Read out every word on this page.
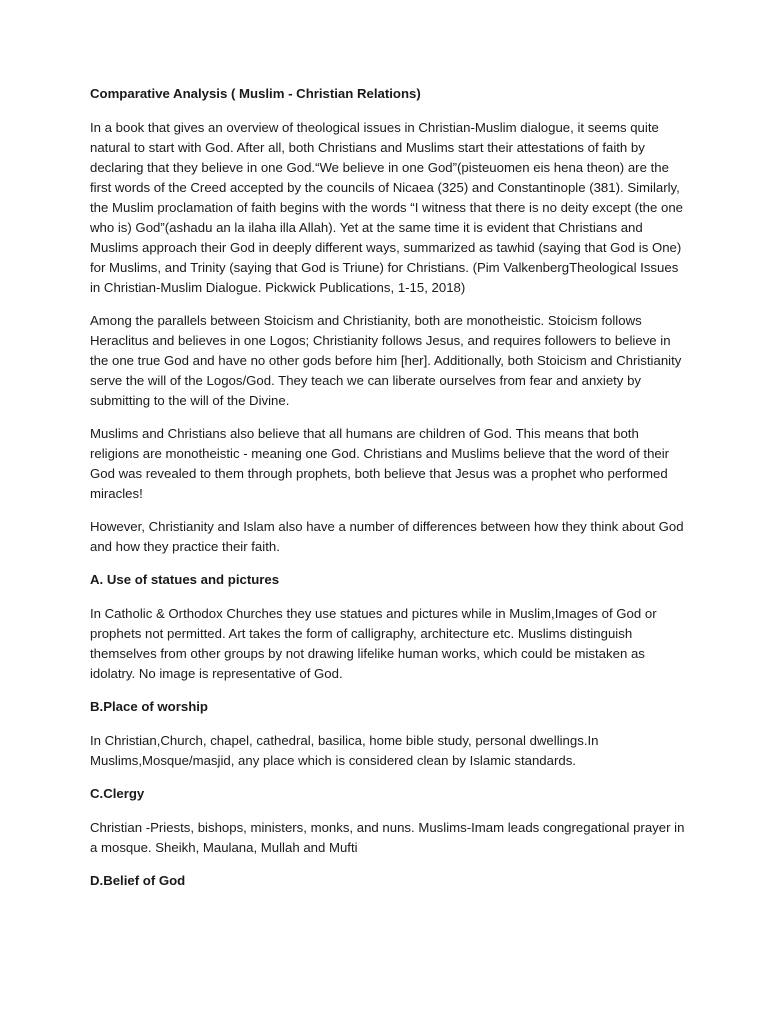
Comparative Analysis ( Muslim - Christian Relations)

In a book that gives an overview of theological issues in Christian-Muslim dialogue, it seems quite natural to start with God. After all, both Christians and Muslims start their attestations of faith by declaring that they believe in one God.“We believe in one God”(pisteuomen eis hena theon) are the first words of the Creed accepted by the councils of Nicaea (325) and Constantinople (381). Similarly, the Muslim proclamation of faith begins with the words “I witness that there is no deity except (the one who is) God”(ashadu an la ilaha illa Allah). Yet at the same time it is evident that Christians and Muslims approach their God in deeply different ways, summarized as tawhid (saying that God is One) for Muslims, and Trinity (saying that God is Triune) for Christians. (Pim ValkenbergTheological Issues in Christian-Muslim Dialogue. Pickwick Publications, 1-15, 2018)

Among the parallels between Stoicism and Christianity, both are monotheistic. Stoicism follows Heraclitus and believes in one Logos; Christianity follows Jesus, and requires followers to believe in the one true God and have no other gods before him [her]. Additionally, both Stoicism and Christianity serve the will of the Logos/God. They teach we can liberate ourselves from fear and anxiety by submitting to the will of the Divine.

Muslims and Christians also believe that all humans are children of God. This means that both religions are monotheistic - meaning one God. Christians and Muslims believe that the word of their God was revealed to them through prophets, both believe that Jesus was a prophet who performed miracles!

However, Christianity and Islam also have a number of differences between how they think about God and how they practice their faith.

A. Use of statues and pictures

In Catholic & Orthodox Churches they use statues and pictures while in Muslim,Images of God or prophets not permitted. Art takes the form of calligraphy, architecture etc. Muslims distinguish themselves from other groups by not drawing lifelike human works, which could be mistaken as idolatry. No image is representative of God.

B.Place of worship

In Christian,Church, chapel, cathedral, basilica, home bible study, personal dwellings.In Muslims,Mosque/masjid, any place which is considered clean by Islamic standards.

C.Clergy

Christian -Priests, bishops, ministers, monks, and nuns. Muslims-Imam leads congregational prayer in a mosque. Sheikh, Maulana, Mullah and Mufti

D.Belief of God
